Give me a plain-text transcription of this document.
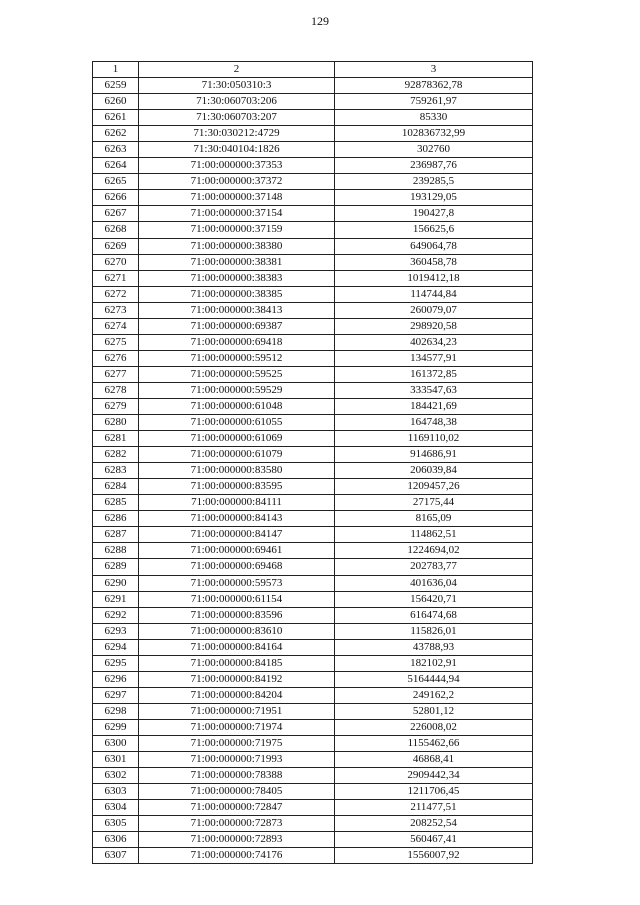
129
1	2	3
6259	71:30:050310:3	92878362,78
6260	71:30:060703:206	759261,97
6261	71:30:060703:207	85330
6262	71:30:030212:4729	102836732,99
6263	71:30:040104:1826	302760
6264	71:00:000000:37353	236987,76
6265	71:00:000000:37372	239285,5
6266	71:00:000000:37148	193129,05
6267	71:00:000000:37154	190427,8
6268	71:00:000000:37159	156625,6
6269	71:00:000000:38380	649064,78
6270	71:00:000000:38381	360458,78
6271	71:00:000000:38383	1019412,18
6272	71:00:000000:38385	114744,84
6273	71:00:000000:38413	260079,07
6274	71:00:000000:69387	298920,58
6275	71:00:000000:69418	402634,23
6276	71:00:000000:59512	134577,91
6277	71:00:000000:59525	161372,85
6278	71:00:000000:59529	333547,63
6279	71:00:000000:61048	184421,69
6280	71:00:000000:61055	164748,38
6281	71:00:000000:61069	1169110,02
6282	71:00:000000:61079	914686,91
6283	71:00:000000:83580	206039,84
6284	71:00:000000:83595	1209457,26
6285	71:00:000000:84111	27175,44
6286	71:00:000000:84143	8165,09
6287	71:00:000000:84147	114862,51
6288	71:00:000000:69461	1224694,02
6289	71:00:000000:69468	202783,77
6290	71:00:000000:59573	401636,04
6291	71:00:000000:61154	156420,71
6292	71:00:000000:83596	616474,68
6293	71:00:000000:83610	115826,01
6294	71:00:000000:84164	43788,93
6295	71:00:000000:84185	182102,91
6296	71:00:000000:84192	5164444,94
6297	71:00:000000:84204	249162,2
6298	71:00:000000:71951	52801,12
6299	71:00:000000:71974	226008,02
6300	71:00:000000:71975	1155462,66
6301	71:00:000000:71993	46868,41
6302	71:00:000000:78388	2909442,34
6303	71:00:000000:78405	1211706,45
6304	71:00:000000:72847	211477,51
6305	71:00:000000:72873	208252,54
6306	71:00:000000:72893	560467,41
6307	71:00:000000:74176	1556007,92
